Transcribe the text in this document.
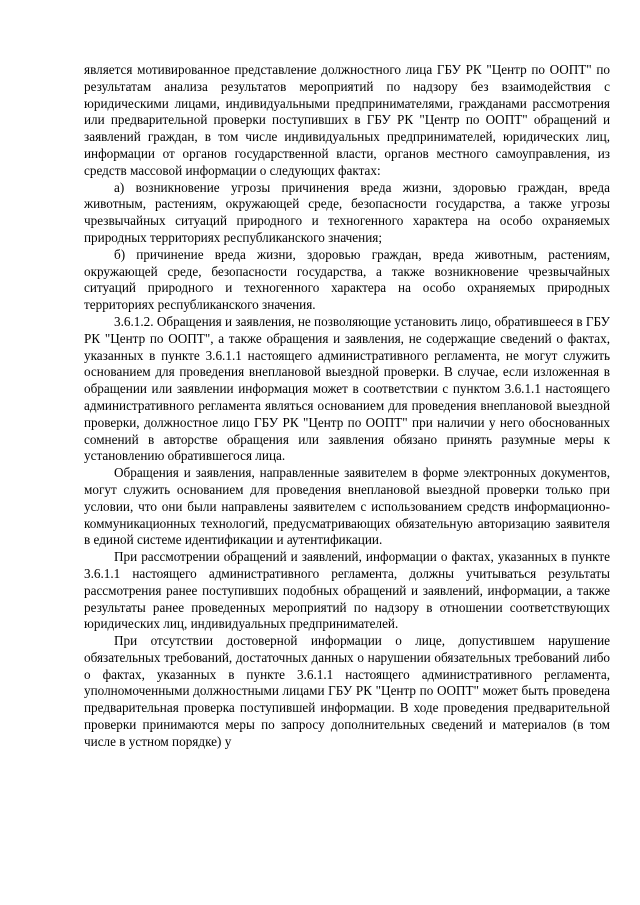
является мотивированное представление должностного лица ГБУ РК "Центр по ООПТ" по результатам анализа результатов мероприятий по надзору без взаимодействия с юридическими лицами, индивидуальными предпринимателями, гражданами рассмотрения или предварительной проверки поступивших в ГБУ РК "Центр по ООПТ" обращений и заявлений граждан, в том числе индивидуальных предпринимателей, юридических лиц, информации от органов государственной власти, органов местного самоуправления, из средств массовой информации о следующих фактах:

а) возникновение угрозы причинения вреда жизни, здоровью граждан, вреда животным, растениям, окружающей среде, безопасности государства, а также угрозы чрезвычайных ситуаций природного и техногенного характера на особо охраняемых природных территориях республиканского значения;

б) причинение вреда жизни, здоровью граждан, вреда животным, растениям, окружающей среде, безопасности государства, а также возникновение чрезвычайных ситуаций природного и техногенного характера на особо охраняемых природных территориях республиканского значения.

3.6.1.2. Обращения и заявления, не позволяющие установить лицо, обратившееся в ГБУ РК "Центр по ООПТ", а также обращения и заявления, не содержащие сведений о фактах, указанных в пункте 3.6.1.1 настоящего административного регламента, не могут служить основанием для проведения внеплановой выездной проверки. В случае, если изложенная в обращении или заявлении информация может в соответствии с пунктом 3.6.1.1 настоящего административного регламента являться основанием для проведения внеплановой выездной проверки, должностное лицо ГБУ РК "Центр по ООПТ" при наличии у него обоснованных сомнений в авторстве обращения или заявления обязано принять разумные меры к установлению обратившегося лица.

Обращения и заявления, направленные заявителем в форме электронных документов, могут служить основанием для проведения внеплановой выездной проверки только при условии, что они были направлены заявителем с использованием средств информационно-коммуникационных технологий, предусматривающих обязательную авторизацию заявителя в единой системе идентификации и аутентификации.

При рассмотрении обращений и заявлений, информации о фактах, указанных в пункте 3.6.1.1 настоящего административного регламента, должны учитываться результаты рассмотрения ранее поступивших подобных обращений и заявлений, информации, а также результаты ранее проведенных мероприятий по надзору в отношении соответствующих юридических лиц, индивидуальных предпринимателей.

При отсутствии достоверной информации о лице, допустившем нарушение обязательных требований, достаточных данных о нарушении обязательных требований либо о фактах, указанных в пункте 3.6.1.1 настоящего административного регламента, уполномоченными должностными лицами ГБУ РК "Центр по ООПТ" может быть проведена предварительная проверка поступившей информации. В ходе проведения предварительной проверки принимаются меры по запросу дополнительных сведений и материалов (в том числе в устном порядке) у
